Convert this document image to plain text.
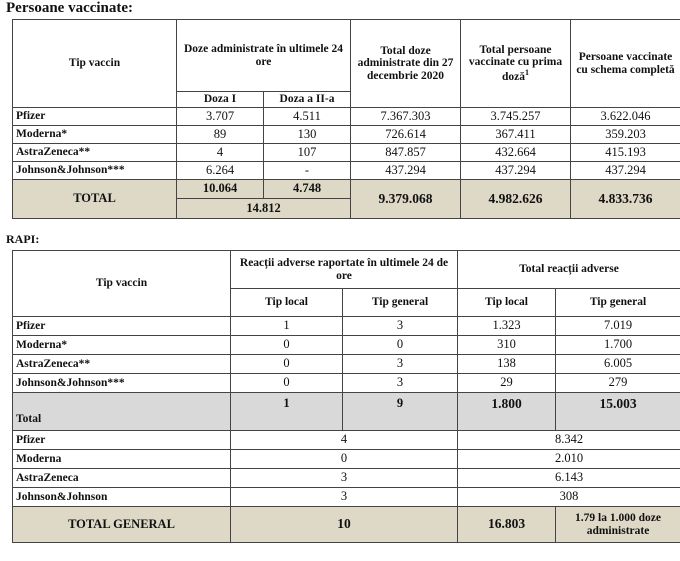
Persoane vaccinate:
Tip vaccin	Doze administrate în ultimele 24 ore		Total doze administrate din 27 decembrie 2020	Total persoane vaccinate cu prima doză$^1$	Persoane vaccinate cu schema completă
	Doza I	Doza a II-a			
Pfizer	3.707	4.511	7.367.303	3.745.257	3.622.046
Moderna*	89	130	726.614	367.411	359.203
AstraZeneca**	4	107	847.857	432.664	415.193
Johnson&Johnson***	6.264	-	437.294	437.294	437.294
TOTAL	10.064	4.748	9.379.068	4.982.626	4.833.736
	14.812				
RAPI:
Tip vaccin	Reacții adverse raportate în ultimele 24 de ore		Total reacții adverse	
	Tip local	Tip general	Tip local	Tip general
Pfizer	1	3	1.323	7.019
Moderna*	0	0	310	1.700
AstraZeneca**	0	3	138	6.005
Johnson&Johnson***	0	3	29	279
Total	1	9	1.800	15.003
Pfizer	4		8.342	
Moderna	0		2.010	
AstraZeneca	3		6.143	
Johnson&Johnson	3		308	
TOTAL GENERAL	10		16.803	1.79 la 1.000 doze administrate
